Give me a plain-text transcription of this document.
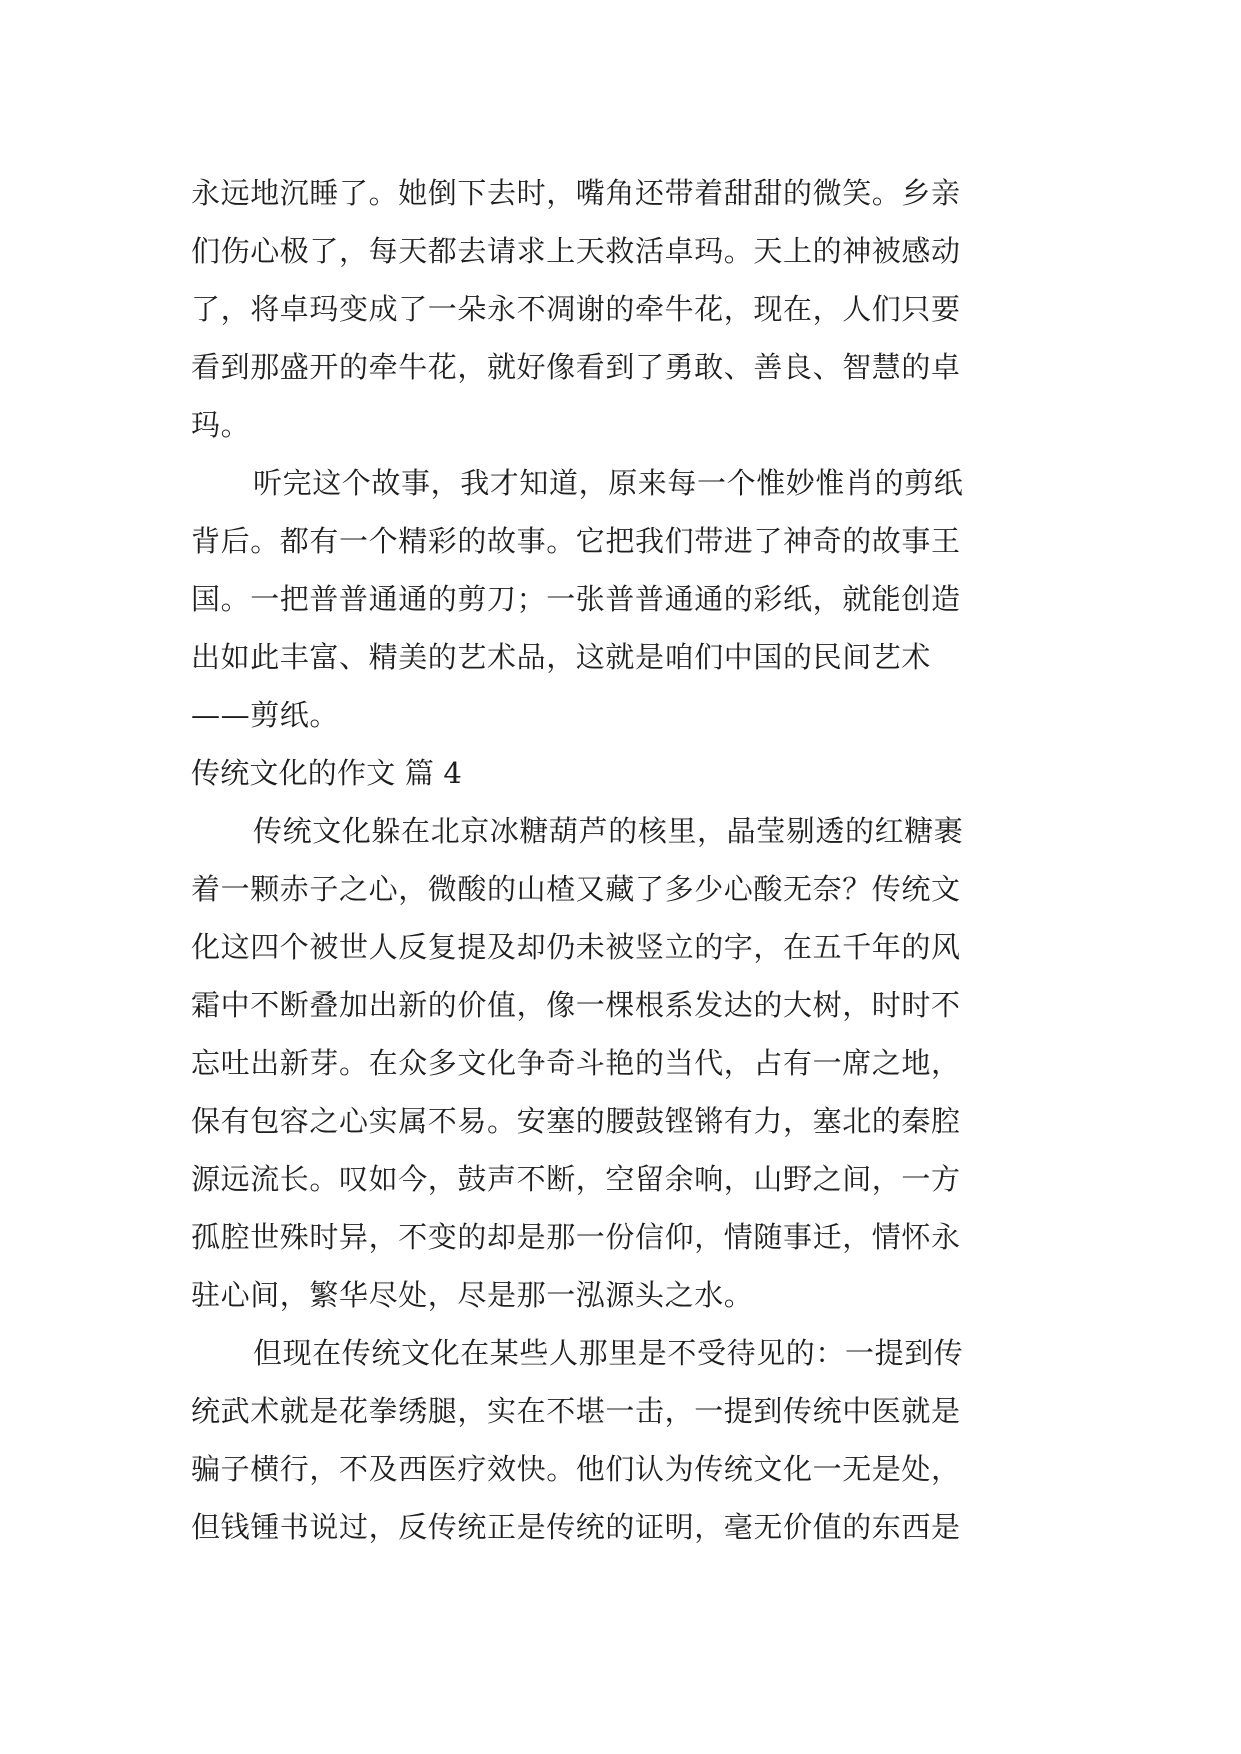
永远地沉睡了。她倒下去时，嘴角还带着甜甜的微笑。乡亲
们伤心极了，每天都去请求上天救活卓玛。天上的神被感动
了，将卓玛变成了一朵永不凋谢的牵牛花，现在，人们只要
看到那盛开的牵牛花，就好像看到了勇敢、善良、智慧的卓
玛。
听完这个故事，我才知道，原来每一个惟妙惟肖的剪纸
背后。都有一个精彩的故事。它把我们带进了神奇的故事王
国。一把普普通通的剪刀；一张普普通通的彩纸，就能创造
出如此丰富、精美的艺术品，这就是咱们中国的民间艺术
——剪纸。
传统文化的作文 篇 4
传统文化躲在北京冰糖葫芦的核里，晶莹剔透的红糖裹
着一颗赤子之心，微酸的山楂又藏了多少心酸无奈？传统文
化这四个被世人反复提及却仍未被竖立的字，在五千年的风
霜中不断叠加出新的价值，像一棵根系发达的大树，时时不
忘吐出新芽。在众多文化争奇斗艳的当代，占有一席之地，
保有包容之心实属不易。安塞的腰鼓铿锵有力，塞北的秦腔
源远流长。叹如今，鼓声不断，空留余响，山野之间，一方
孤腔世殊时异，不变的却是那一份信仰，情随事迁，情怀永
驻心间，繁华尽处，尽是那一泓源头之水。
但现在传统文化在某些人那里是不受待见的：一提到传
统武术就是花拳绣腿，实在不堪一击，一提到传统中医就是
骗子横行，不及西医疗效快。他们认为传统文化一无是处，
但钱锺书说过，反传统正是传统的证明，毫无价值的东西是
